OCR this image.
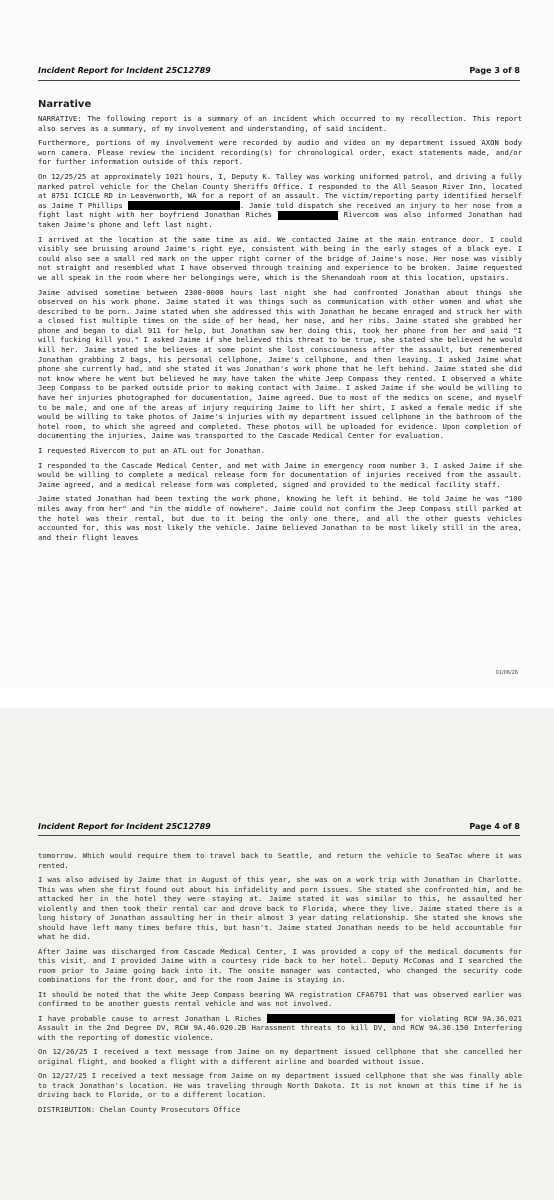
Incident Report for Incident 25C12789	Page 3 of 8
Narrative

NARRATIVE: The following report is a summary of an incident which occurred to my recollection. This report also serves as a summary, of my involvement and understanding, of said incident.

Furthermore, portions of my involvement were recorded by audio and video on my department issued AXON body worn camera. Please review the incident recording(s) for chronological order, exact statements made, and/or for further information outside of this report.

On 12/25/25 at approximately 1021 hours, I, Deputy K. Talley was working uniformed patrol, and driving a fully marked patrol vehicle for the Chelan County Sheriffs Office. I responded to the All Season River Inn, located at 8751 ICICLE RD in Leavenworth, WA for a report of an assault. The victim/reporting party identified herself as Jaime T Phillips	. Jamie told dispatch she received an injury to her nose from a fight last night with her boyfriend Jonathan Riches	Rivercom was also informed Jonathan had taken Jaime's phone and left last night.

I arrived at the location at the same time as aid. We contacted Jaime at the main entrance door. I could visibly see bruising around Jaime's right eye, consistent with being in the early stages of a black eye. I could also see a small red mark on the upper right corner of the bridge of Jaime's nose. Her nose was visibly not straight and resembled what I have observed through training and experience to be broken. Jaime requested we all speak in the room where her belongings were, which is the Shenandoah room at this location, upstairs.

Jaime advised sometime between 2300-0000 hours last night she had confronted Jonathan about things she observed on his work phone. Jaime stated it was things such as communication with other women and what she described to be porn. Jaime stated when she addressed this with Jonathan he became enraged and struck her with a closed fist multiple times on the side of her head, her nose, and her ribs. Jaime stated she grabbed her phone and began to dial 911 for help, but Jonathan saw her doing this, took her phone from her and said "I will fucking kill you." I asked Jaime if she believed this threat to be true, she stated she believed he would kill her. Jaime stated she believes at some point she lost consciousness after the assault, but remembered Jonathan grabbing 2 bags, his personal cellphone, Jaime's cellphone, and then leaving. I asked Jaime what phone she currently had, and she stated it was Jonathan's work phone that he left behind. Jaime stated she did not know where he went but believed he may have taken the white Jeep Compass they rented. I observed a white Jeep Compass to be parked outside prior to making contact with Jaime. I asked Jaime if she would be willing to have her injuries photographed for documentation, Jaime agreed. Due to most of the medics on scene, and myself to be male, and one of the areas of injury requiring Jaime to lift her shirt, I asked a female medic if she would be willing to take photos of Jaime's injuries with my department issued cellphone in the bathroom of the hotel room, to which she agreed and completed. These photos will be uploaded for evidence. Upon completion of documenting the injuries, Jaime was transported to the Cascade Medical Center for evaluation.

I requested Rivercom to put an ATL out for Jonathan.

I responded to the Cascade Medical Center, and met with Jaime in emergency room number 3. I asked Jaime if she would be willing to complete a medical release form for documentation of injuries received from the assault. Jaime agreed, and a medical release form was completed, signed and provided to the medical facility staff.

Jaime stated Jonathan had been texting the work phone, knowing he left it behind. He told Jaime he was "100 miles away from her" and "in the middle of nowhere". Jaime could not confirm the Jeep Compass still parked at the hotel was their rental, but due to it being the only one there, and all the other guests vehicles accounted for, this was most likely the vehicle. Jaime believed Jonathan to be most likely still in the area, and their flight leaves

01/06/26
Incident Report for Incident 25C12789	Page 4 of 8

tomorrow. Which would require them to travel back to Seattle, and return the vehicle to SeaTac where it was rented.

I was also advised by Jaime that in August of this year, she was on a work trip with Jonathan in Charlotte. This was when she first found out about his infidelity and porn issues. She stated she confronted him, and he attacked her in the hotel they were staying at. Jaime stated it was similar to this, he assaulted her violently and then took their rental car and drove back to Florida, where they live. Jaime stated there is a long history of Jonathan assaulting her in their almost 3 year dating relationship. She stated she knows she should have left many times before this, but hasn't. Jaime stated Jonathan needs to be held accountable for what he did.

After Jaime was discharged from Cascade Medical Center, I was provided a copy of the medical documents for this visit, and I provided Jaime with a courtesy ride back to her hotel. Deputy McComas and I searched the room prior to Jaime going back into it. The onsite manager was contacted, who changed the security code combinations for the front door, and for the room Jaime is staying in.

It should be noted that the white Jeep Compass bearing WA registration CFA6791 that was observed earlier was confirmed to be another guests rental vehicle and was not involved.

I have probable cause to arrest Jonathan L Riches	for violating RCW 9A.36.021 Assault in the 2nd Degree DV, RCW 9A.46.020.2B Harassment threats to kill DV, and RCW 9A.36.150 Interfering with the reporting of domestic violence.

On 12/26/25 I received a text message from Jaime on my department issued cellphone that she cancelled her original flight, and booked a flight with a different airline and boarded without issue.

On 12/27/25 I received a text message from Jaime on my department issued cellphone that she was finally able to track Jonathan's location. He was traveling through North Dakota. It is not known at this time if he is driving back to Florida, or to a different location.

DISTRIBUTION: Chelan County Prosecutors Office
